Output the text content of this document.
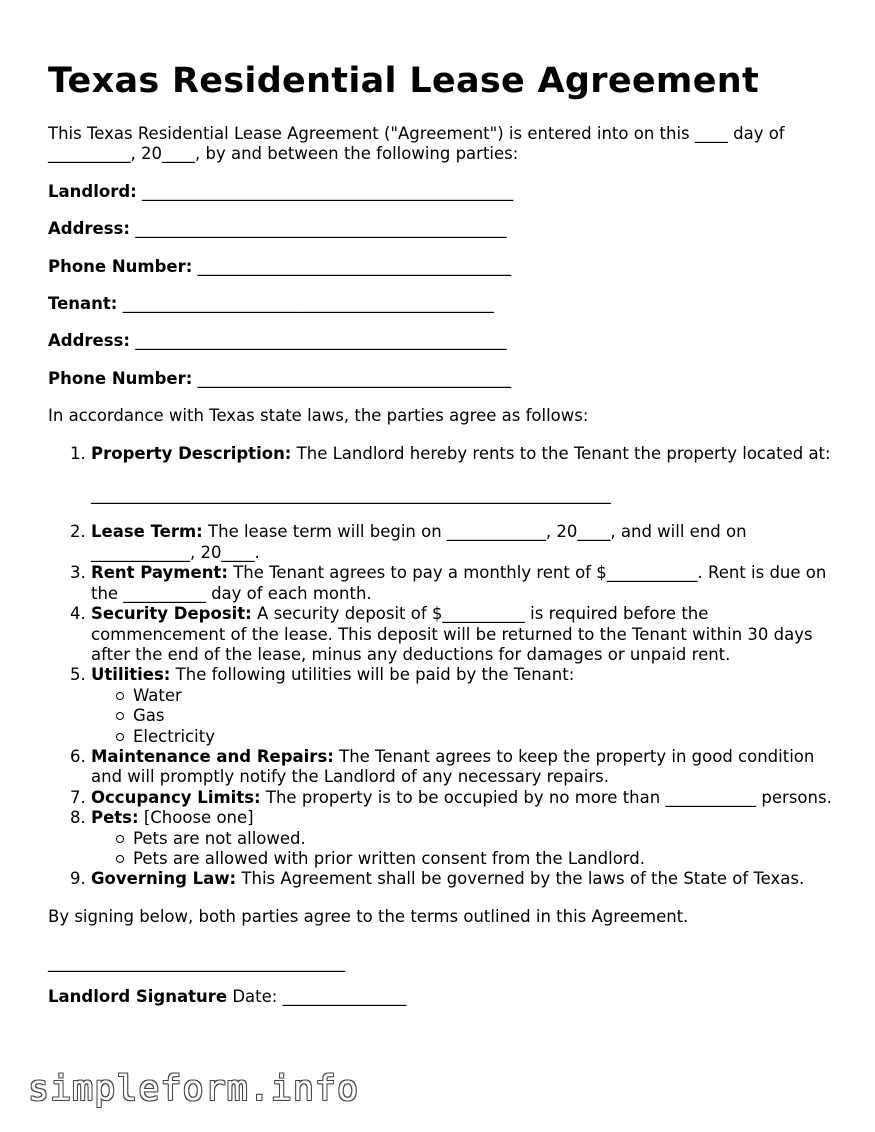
Texas Residential Lease Agreement

This Texas Residential Lease Agreement ("Agreement") is entered into on this ____ day of __________, 20____, by and between the following parties:

Landlord: _____________________________________________
Address: _____________________________________________
Phone Number: ______________________________________
Tenant: _____________________________________________
Address: _____________________________________________
Phone Number: ______________________________________

In accordance with Texas state laws, the parties agree as follows:

1. Property Description: The Landlord hereby rents to the Tenant the property located at:
_______________________________________________________________
2. Lease Term: The lease term will begin on ____________, 20____, and will end on ____________, 20____.
3. Rent Payment: The Tenant agrees to pay a monthly rent of $___________. Rent is due on the __________ day of each month.
4. Security Deposit: A security deposit of $__________ is required before the commencement of the lease. This deposit will be returned to the Tenant within 30 days after the end of the lease, minus any deductions for damages or unpaid rent.
5. Utilities: The following utilities will be paid by the Tenant:
Water
Gas
Electricity
6. Maintenance and Repairs: The Tenant agrees to keep the property in good condition and will promptly notify the Landlord of any necessary repairs.
7. Occupancy Limits: The property is to be occupied by no more than ___________ persons.
8. Pets: [Choose one]
Pets are not allowed.
Pets are allowed with prior written consent from the Landlord.
9. Governing Law: This Agreement shall be governed by the laws of the State of Texas.

By signing below, both parties agree to the terms outlined in this Agreement.

____________________________________
Landlord Signature Date: _______________
simpleform.info
